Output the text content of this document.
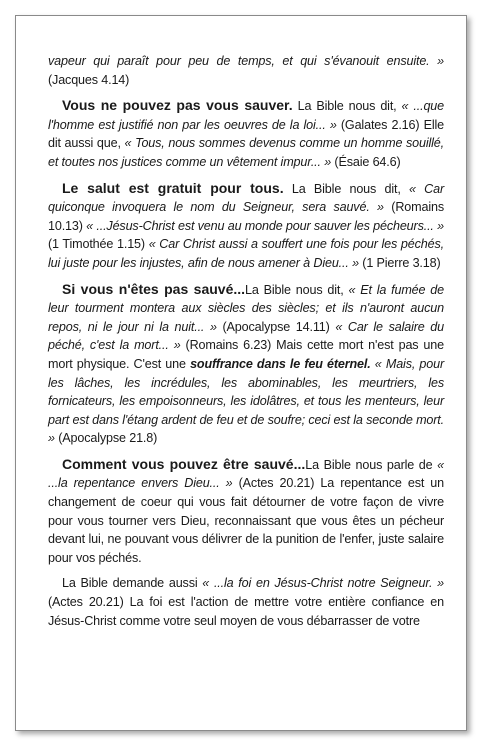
vapeur qui paraît pour peu de temps, et qui s'évanouit ensuite. » (Jacques 4.14)

Vous ne pouvez pas vous sauver. La Bible nous dit, « ...que l'homme est justifié non par les oeuvres de la loi... » (Galates 2.16) Elle dit aussi que, « Tous, nous sommes devenus comme un homme souillé, et toutes nos justices comme un vêtement impur... » (Ésaie 64.6)

Le salut est gratuit pour tous. La Bible nous dit, « Car quiconque invoquera le nom du Seigneur, sera sauvé. » (Romains 10.13) « ...Jésus-Christ est venu au monde pour sauver les pécheurs... » (1 Timothée 1.15) « Car Christ aussi a souffert une fois pour les péchés, lui juste pour les injustes, afin de nous amener à Dieu... » (1 Pierre 3.18)

Si vous n'êtes pas sauvé...La Bible nous dit, « Et la fumée de leur tourment montera aux siècles des siècles; et ils n'auront aucun repos, ni le jour ni la nuit... » (Apocalypse 14.11) « Car le salaire du péché, c'est la mort... » (Romains 6.23) Mais cette mort n'est pas une mort physique. C'est une souffrance dans le feu éternel. « Mais, pour les lâches, les incrédules, les abominables, les meurtriers, les fornicateurs, les empoisonneurs, les idolâtres, et tous les menteurs, leur part est dans l'étang ardent de feu et de soufre; ceci est la seconde mort. » (Apocalypse 21.8)

Comment vous pouvez être sauvé...La Bible nous parle de « ...la repentance envers Dieu... » (Actes 20.21) La repentance est un changement de coeur qui vous fait détourner de votre façon de vivre pour vous tourner vers Dieu, reconnaissant que vous êtes un pécheur devant lui, ne pouvant vous délivrer de la punition de l'enfer, juste salaire pour vos péchés.

La Bible demande aussi « ...la foi en Jésus-Christ notre Seigneur. » (Actes 20.21) La foi est l'action de mettre votre entière confiance en Jésus-Christ comme votre seul moyen de vous débarrasser de votre
